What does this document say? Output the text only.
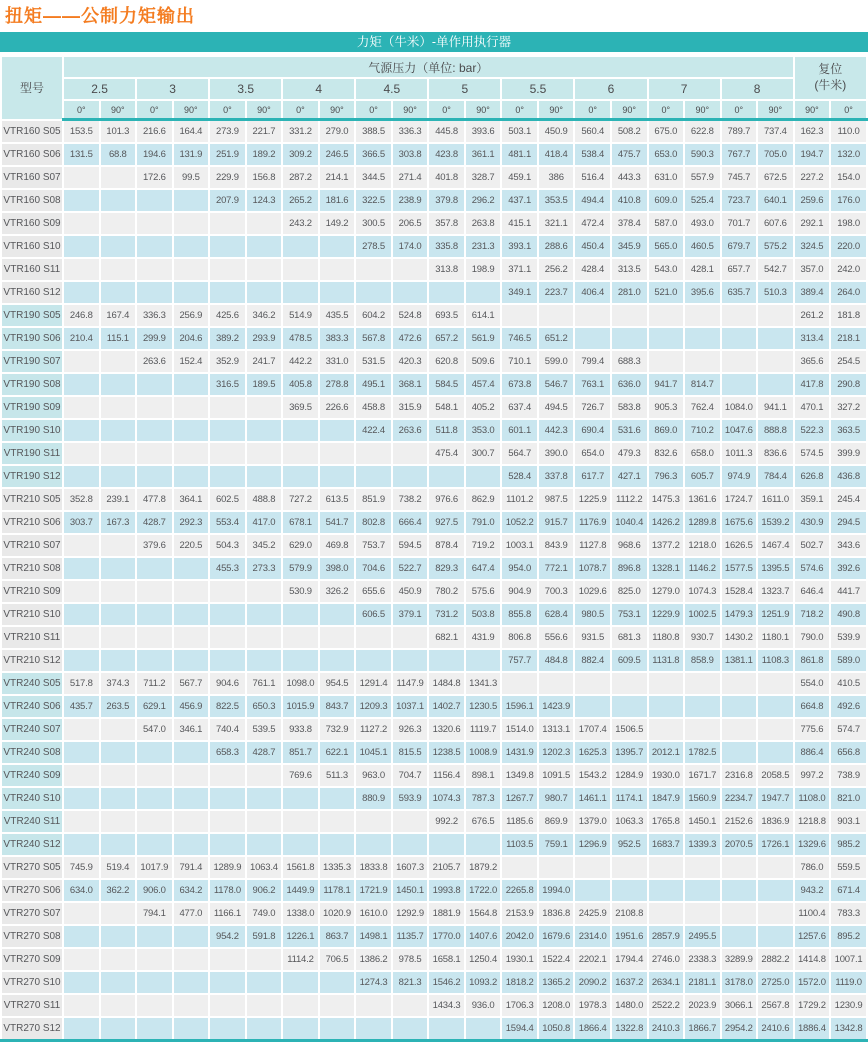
扭矩——公制力矩输出
力矩（牛米）-单作用执行器
型号	气源压力（单位: bar）																				复位
(牛米)	
	2.5		3		3.5		4		4.5		5		5.5		6		7		8			
	0°	90°	0°	90°	0°	90°	0°	90°	0°	90°	0°	90°	0°	90°	0°	90°	0°	90°	0°	90°	90°	0°
VTR160 S05	153.5	101.3	216.6	164.4	273.9	221.7	331.2	279.0	388.5	336.3	445.8	393.6	503.1	450.9	560.4	508.2	675.0	622.8	789.7	737.4	162.3	110.0
VTR160 S06	131.5	68.8	194.6	131.9	251.9	189.2	309.2	246.5	366.5	303.8	423.8	361.1	481.1	418.4	538.4	475.7	653.0	590.3	767.7	705.0	194.7	132.0
VTR160 S07			172.6	99.5	229.9	156.8	287.2	214.1	344.5	271.4	401.8	328.7	459.1	386	516.4	443.3	631.0	557.9	745.7	672.5	227.2	154.0
VTR160 S08					207.9	124.3	265.2	181.6	322.5	238.9	379.8	296.2	437.1	353.5	494.4	410.8	609.0	525.4	723.7	640.1	259.6	176.0
VTR160 S09							243.2	149.2	300.5	206.5	357.8	263.8	415.1	321.1	472.4	378.4	587.0	493.0	701.7	607.6	292.1	198.0
VTR160 S10									278.5	174.0	335.8	231.3	393.1	288.6	450.4	345.9	565.0	460.5	679.7	575.2	324.5	220.0
VTR160 S11											313.8	198.9	371.1	256.2	428.4	313.5	543.0	428.1	657.7	542.7	357.0	242.0
VTR160 S12													349.1	223.7	406.4	281.0	521.0	395.6	635.7	510.3	389.4	264.0
VTR190 S05	246.8	167.4	336.3	256.9	425.6	346.2	514.9	435.5	604.2	524.8	693.5	614.1									261.2	181.8
VTR190 S06	210.4	115.1	299.9	204.6	389.2	293.9	478.5	383.3	567.8	472.6	657.2	561.9	746.5	651.2							313.4	218.1
VTR190 S07			263.6	152.4	352.9	241.7	442.2	331.0	531.5	420.3	620.8	509.6	710.1	599.0	799.4	688.3					365.6	254.5
VTR190 S08					316.5	189.5	405.8	278.8	495.1	368.1	584.5	457.4	673.8	546.7	763.1	636.0	941.7	814.7			417.8	290.8
VTR190 S09							369.5	226.6	458.8	315.9	548.1	405.2	637.4	494.5	726.7	583.8	905.3	762.4	1084.0	941.1	470.1	327.2
VTR190 S10									422.4	263.6	511.8	353.0	601.1	442.3	690.4	531.6	869.0	710.2	1047.6	888.8	522.3	363.5
VTR190 S11											475.4	300.7	564.7	390.0	654.0	479.3	832.6	658.0	1011.3	836.6	574.5	399.9
VTR190 S12													528.4	337.8	617.7	427.1	796.3	605.7	974.9	784.4	626.8	436.8
VTR210 S05	352.8	239.1	477.8	364.1	602.5	488.8	727.2	613.5	851.9	738.2	976.6	862.9	1101.2	987.5	1225.9	1112.2	1475.3	1361.6	1724.7	1611.0	359.1	245.4
VTR210 S06	303.7	167.3	428.7	292.3	553.4	417.0	678.1	541.7	802.8	666.4	927.5	791.0	1052.2	915.7	1176.9	1040.4	1426.2	1289.8	1675.6	1539.2	430.9	294.5
VTR210 S07			379.6	220.5	504.3	345.2	629.0	469.8	753.7	594.5	878.4	719.2	1003.1	843.9	1127.8	968.6	1377.2	1218.0	1626.5	1467.4	502.7	343.6
VTR210 S08					455.3	273.3	579.9	398.0	704.6	522.7	829.3	647.4	954.0	772.1	1078.7	896.8	1328.1	1146.2	1577.5	1395.5	574.6	392.6
VTR210 S09							530.9	326.2	655.6	450.9	780.2	575.6	904.9	700.3	1029.6	825.0	1279.0	1074.3	1528.4	1323.7	646.4	441.7
VTR210 S10									606.5	379.1	731.2	503.8	855.8	628.4	980.5	753.1	1229.9	1002.5	1479.3	1251.9	718.2	490.8
VTR210 S11											682.1	431.9	806.8	556.6	931.5	681.3	1180.8	930.7	1430.2	1180.1	790.0	539.9
VTR210 S12													757.7	484.8	882.4	609.5	1131.8	858.9	1381.1	1108.3	861.8	589.0
VTR240 S05	517.8	374.3	711.2	567.7	904.6	761.1	1098.0	954.5	1291.4	1147.9	1484.8	1341.3									554.0	410.5
VTR240 S06	435.7	263.5	629.1	456.9	822.5	650.3	1015.9	843.7	1209.3	1037.1	1402.7	1230.5	1596.1	1423.9							664.8	492.6
VTR240 S07			547.0	346.1	740.4	539.5	933.8	732.9	1127.2	926.3	1320.6	1119.7	1514.0	1313.1	1707.4	1506.5					775.6	574.7
VTR240 S08					658.3	428.7	851.7	622.1	1045.1	815.5	1238.5	1008.9	1431.9	1202.3	1625.3	1395.7	2012.1	1782.5			886.4	656.8
VTR240 S09							769.6	511.3	963.0	704.7	1156.4	898.1	1349.8	1091.5	1543.2	1284.9	1930.0	1671.7	2316.8	2058.5	997.2	738.9
VTR240 S10									880.9	593.9	1074.3	787.3	1267.7	980.7	1461.1	1174.1	1847.9	1560.9	2234.7	1947.7	1108.0	821.0
VTR240 S11											992.2	676.5	1185.6	869.9	1379.0	1063.3	1765.8	1450.1	2152.6	1836.9	1218.8	903.1
VTR240 S12													1103.5	759.1	1296.9	952.5	1683.7	1339.3	2070.5	1726.1	1329.6	985.2
VTR270 S05	745.9	519.4	1017.9	791.4	1289.9	1063.4	1561.8	1335.3	1833.8	1607.3	2105.7	1879.2									786.0	559.5
VTR270 S06	634.0	362.2	906.0	634.2	1178.0	906.2	1449.9	1178.1	1721.9	1450.1	1993.8	1722.0	2265.8	1994.0							943.2	671.4
VTR270 S07			794.1	477.0	1166.1	749.0	1338.0	1020.9	1610.0	1292.9	1881.9	1564.8	2153.9	1836.8	2425.9	2108.8					1100.4	783.3
VTR270 S08					954.2	591.8	1226.1	863.7	1498.1	1135.7	1770.0	1407.6	2042.0	1679.6	2314.0	1951.6	2857.9	2495.5			1257.6	895.2
VTR270 S09							1114.2	706.5	1386.2	978.5	1658.1	1250.4	1930.1	1522.4	2202.1	1794.4	2746.0	2338.3	3289.9	2882.2	1414.8	1007.1
VTR270 S10									1274.3	821.3	1546.2	1093.2	1818.2	1365.2	2090.2	1637.2	2634.1	2181.1	3178.0	2725.0	1572.0	1119.0
VTR270 S11											1434.3	936.0	1706.3	1208.0	1978.3	1480.0	2522.2	2023.9	3066.1	2567.8	1729.2	1230.9
VTR270 S12													1594.4	1050.8	1866.4	1322.8	2410.3	1866.7	2954.2	2410.6	1886.4	1342.8
